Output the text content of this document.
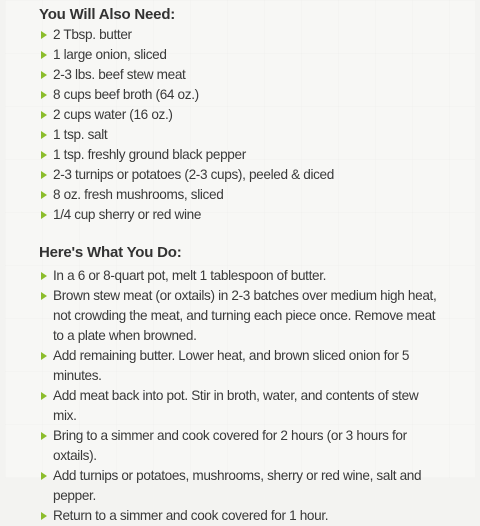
You Will Also Need:
2 Tbsp. butter
1 large onion, sliced
2-3 lbs. beef stew meat
8 cups beef broth (64 oz.)
2 cups water (16 oz.)
1 tsp. salt
1 tsp. freshly ground black pepper
2-3 turnips or potatoes (2-3 cups), peeled & diced
8 oz. fresh mushrooms, sliced
1/4 cup sherry or red wine
Here's What You Do:
In a 6 or 8-quart pot, melt 1 tablespoon of butter.
Brown stew meat (or oxtails) in 2-3 batches over medium high heat, not crowding the meat, and turning each piece once. Remove meat to a plate when browned.
Add remaining butter. Lower heat, and brown sliced onion for 5 minutes.
Add meat back into pot. Stir in broth, water, and contents of stew mix.
Bring to a simmer and cook covered for 2 hours (or 3 hours for oxtails).
Add turnips or potatoes, mushrooms, sherry or red wine, salt and pepper.
Return to a simmer and cook covered for 1 hour.
